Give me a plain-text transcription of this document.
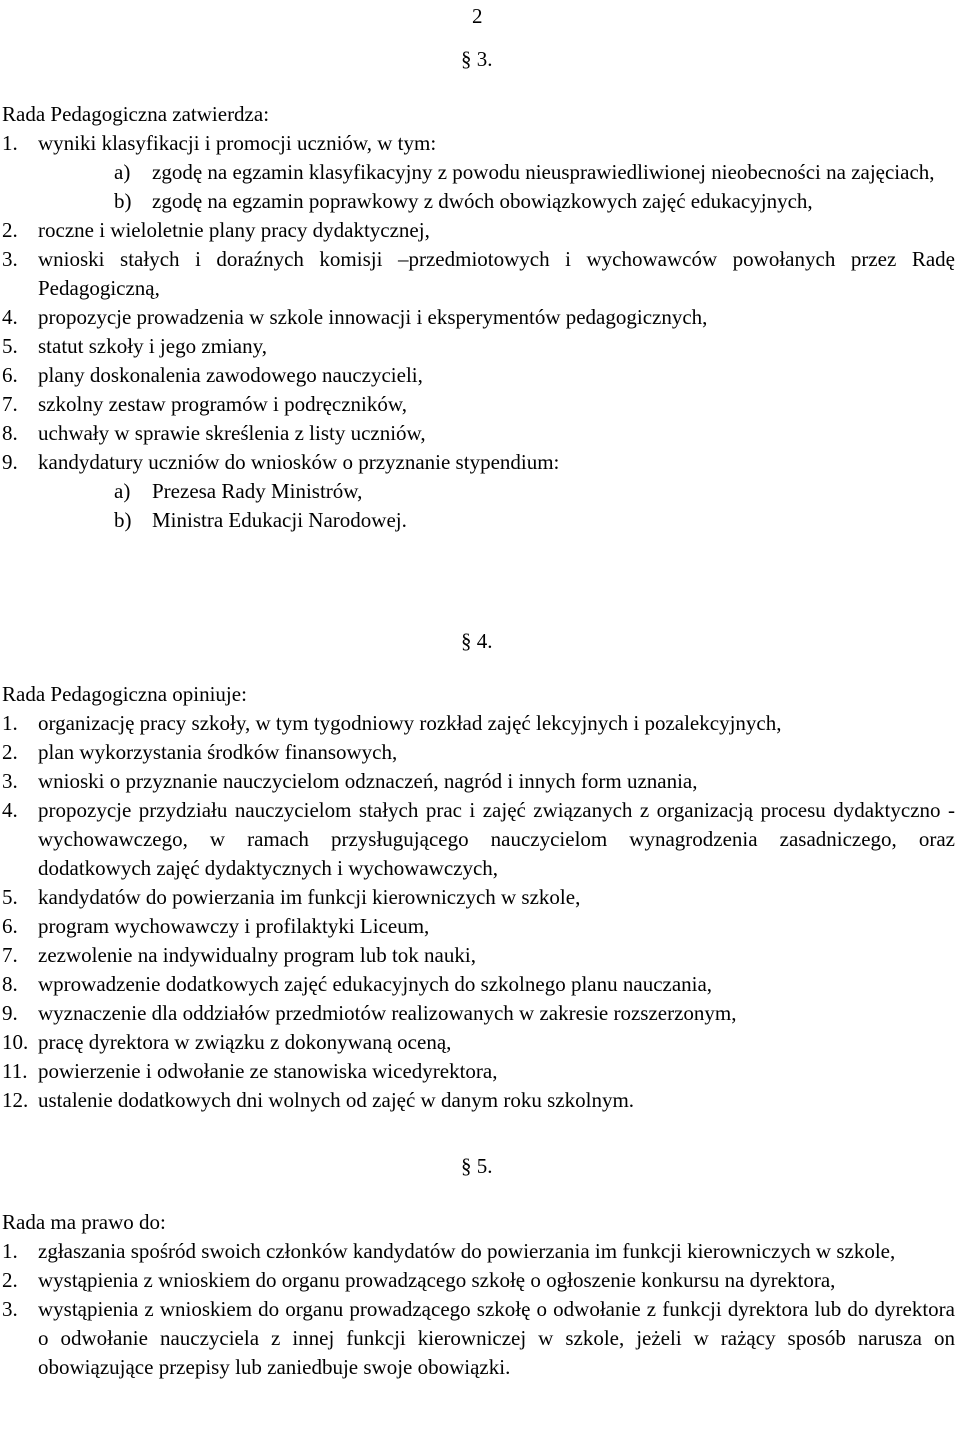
2
§ 3.

Rada Pedagogiczna zatwierdza:

1. wyniki klasyfikacji i promocji uczniów, w tym:
a) zgodę na egzamin klasyfikacyjny z powodu nieusprawiedliwionej nieobecności na zajęciach,
b) zgodę na egzamin poprawkowy z dwóch obowiązkowych zajęć edukacyjnych,
2. roczne i wieloletnie plany pracy dydaktycznej,
3. wnioski stałych i doraźnych komisji –przedmiotowych i wychowawców powołanych przez Radę Pedagogiczną,
4. propozycje prowadzenia w szkole innowacji i eksperymentów pedagogicznych,
5. statut szkoły i jego zmiany,
6. plany doskonalenia zawodowego nauczycieli,
7. szkolny zestaw programów i podręczników,
8. uchwały w sprawie skreślenia z listy uczniów,
9. kandydatury uczniów do wniosków o przyznanie stypendium:
a) Prezesa Rady Ministrów,
b) Ministra Edukacji Narodowej.
§ 4.

Rada Pedagogiczna opiniuje:

1. organizację pracy szkoły, w tym tygodniowy rozkład zajęć lekcyjnych i pozalekcyjnych,
2. plan wykorzystania środków finansowych,
3. wnioski o przyznanie nauczycielom odznaczeń, nagród i innych form uznania,
4. propozycje przydziału nauczycielom stałych prac i zajęć związanych z organizacją procesu dydaktyczno - wychowawczego, w ramach przysługującego nauczycielom wynagrodzenia zasadniczego, oraz dodatkowych zajęć dydaktycznych i wychowawczych,
5. kandydatów do powierzania im funkcji kierowniczych w szkole,
6. program wychowawczy i profilaktyki Liceum,
7. zezwolenie na indywidualny program lub tok nauki,
8. wprowadzenie dodatkowych zajęć edukacyjnych do szkolnego planu nauczania,
9. wyznaczenie dla oddziałów przedmiotów realizowanych w zakresie rozszerzonym,
10. pracę dyrektora w związku z dokonywaną oceną,
11. powierzenie i odwołanie ze stanowiska wicedyrektora,
12. ustalenie dodatkowych dni wolnych od zajęć w danym roku szkolnym.
§ 5.

Rada ma prawo do:

1. zgłaszania spośród swoich członków kandydatów do powierzania im funkcji kierowniczych w szkole,
2. wystąpienia z wnioskiem do organu prowadzącego szkołę o ogłoszenie konkursu na dyrektora,
3. wystąpienia z wnioskiem do organu prowadzącego szkołę o odwołanie z funkcji dyrektora lub do dyrektora o odwołanie nauczyciela z innej funkcji kierowniczej w szkole, jeżeli w rażący sposób narusza on obowiązujące przepisy lub zaniedbuje swoje obowiązki.
